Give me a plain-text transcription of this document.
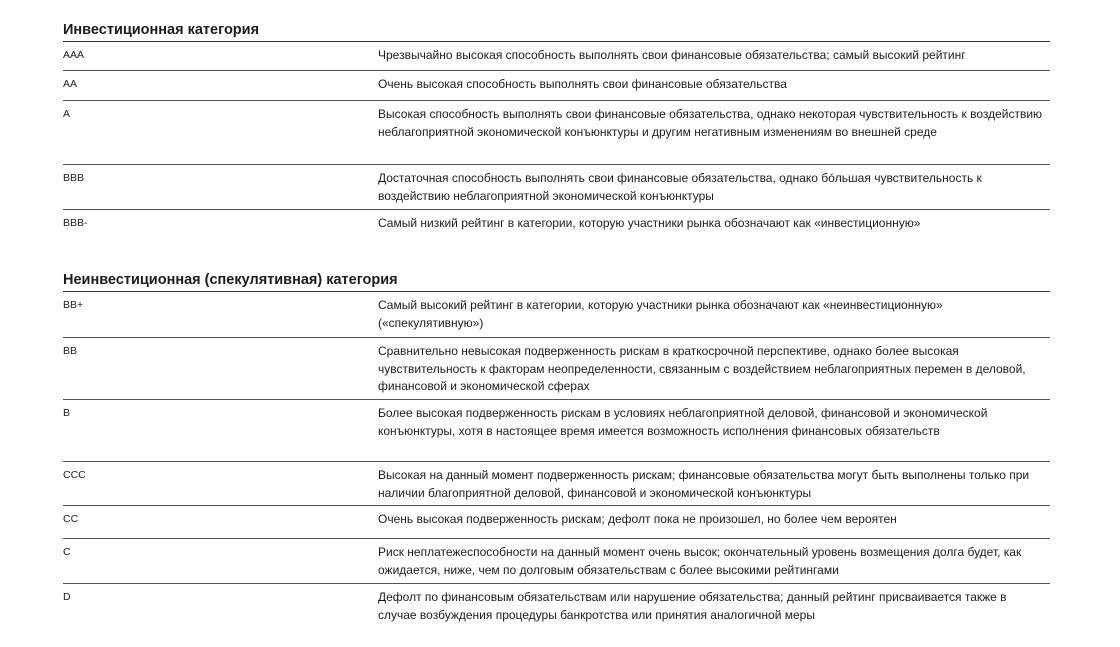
Инвестиционная категория
AAA	Чрезвычайно высокая способность выполнять свои финансовые обязательства; самый высокий рейтинг
AA	Очень высокая способность выполнять свои финансовые обязательства
A	Высокая способность выполнять свои финансовые обязательства, однако некоторая чувствительность к воздействию неблагоприятной экономической конъюнктуры и другим негативным изменениям во внешней среде
BBB	Достаточная способность выполнять свои финансовые обязательства, однако бóльшая чувствительность к воздействию неблагоприятной экономической конъюнктуры
BBB-	Самый низкий рейтинг в категории, которую участники рынка обозначают как «инвестиционную»
Неинвестиционная (спекулятивная) категория
BB+	Самый высокий рейтинг в категории, которую участники рынка обозначают как «неинвестиционную» («спекулятивную»)
BB	Сравнительно невысокая подверженность рискам в краткосрочной перспективе, однако более высокая чувствительность к факторам неопределенности, связанным с воздействием неблагоприятных перемен в деловой, финансовой и экономической сферах
B	Более высокая подверженность рискам в условиях неблагоприятной деловой, финансовой и экономической конъюнктуры, хотя в настоящее время имеется возможность исполнения финансовых обязательств
CCC	Высокая на данный момент подверженность рискам; финансовые обязательства могут быть выполнены только при наличии благоприятной деловой, финансовой и экономической конъюнктуры
CC	Очень высокая подверженность рискам; дефолт пока не произошел, но более чем вероятен
C	Риск неплатежеспособности на данный момент очень высок; окончательный уровень возмещения долга будет, как ожидается, ниже, чем по долговым обязательствам с более высокими рейтингами
D	Дефолт по финансовым обязательствам или нарушение обязательства; данный рейтинг присваивается также в случае возбуждения процедуры банкротства или принятия аналогичной меры
